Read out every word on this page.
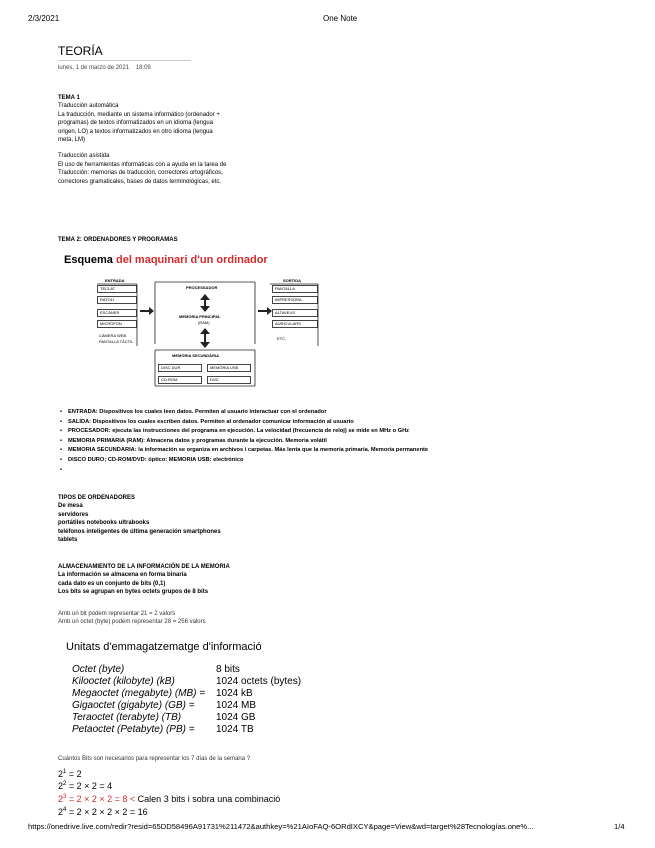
2/3/2021	One Note
TEORÍA
lunes, 1 de marzo de 2021 18:09
TEMA 1
Traducción automática
La traducción, mediante un sistema informático (ordenador +
programas) de textos informatizados en un idioma (lengua
origen, LO) a textos informatizados en otro idioma (lengua
meta, LM)
Traducción asistida
El uso de herramientas informáticas con a ayuda en la tarea de
Traducción: memorias de traducción, correctores ortográficos,
correctores gramaticales, bases de datos terminológicas, etc.
TEMA 2: ORDENADORES Y PROGRAMAS
Esquema del maquinari d'un ordinador
ENTRADA
TECLAT
RATOLÍ
ESCÀNER
MICRÒFON
CÀMERA WEB
PANTALLA TÀCTIL
PROCESSADOR
MEMÒRIA PRINCIPAL
(RAM)
SORTIDA
PANTALLA
IMPRESSORA
ALTAVEUS
AURICULARS
ETC.
MEMÒRIA SECUNDÀRIA
DISC DUR	MEMÒRIA USB
CD-ROM	DVD
• ENTRADA: Dispositivos los cuales leen datos. Permiten al usuario interactuar con el ordenador
• SALIDA: Dispositivos los cuales escriben datos. Permiten al ordenador comunicar información al usuario
• PROCESADOR: ejecuta las instrucciones del programa en ejecución. La velocidad (frecuencia de reloj) se mide en MHz o GHz
• MEMORIA PRIMARIA (RAM): Almacena datos y programas durante la ejecución. Memoria volátil
• MEMORIA SECUNDARIA: la información se organiza en archivos i carpetas. Más lenta que la memoria primaria. Memoria permanente
• DISCO DURO; CD-ROM/DVD: óptico: MEMORIA USB: electrónico
TIPOS DE ORDENADORES
De mesa
servidores
portátiles notebooks ultrabooks
teléfonos inteligentes de última generación smartphones
tablets
ALMACENAMIENTO DE LA INFORMACIÓN DE LA MEMORIA
La información se almacena en forma binaria
cada dato es un conjunto de bits (0,1)
Los bits se agrupan en bytes octets grupos de 8 bits
Amb un bit podem representar 21 = 2 valors
Amb un octet (byte) podem representar 28 = 256 valors
Unitats d'emmagatzematge d'informació
Octet (byte)	8 bits
Kilooctet (kilobyte) (kB)	1024 octets (bytes)
Megaoctet (megabyte) (MB) =	1024 kB
Gigaoctet (gigabyte) (GB) =	1024 MB
Teraoctet (terabyte) (TB)	1024 GB
Petaoctet (Petabyte) (PB) =	1024 TB
Cuántos Bits son necesarios para representar los 7 días de la semana ?
$2^1 = 2$
$2^2 = 2 \times 2 = 4$
$2^3 = 2 \times 2 \times 2 = 8$ < Calen 3 bits i sobra una combinació
$2^4 = 2 \times 2 \times 2 \times 2 = 16$
https://onedrive.live.com/redir?resid=65DD58496A91731%211472&authkey=%21AIoFAQ-6ORdIXCY&page=View&wd=target%28Tecnologías.one%...	1/4
